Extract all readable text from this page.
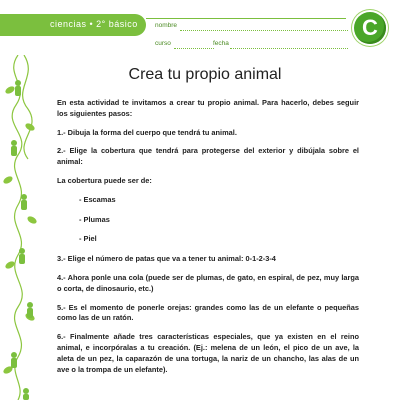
ciencias • 2° básico	nombre
curso	fecha
C
Crea tu propio animal

En esta actividad te invitamos a crear tu propio animal. Para hacerlo, debes seguir los siguientes pasos:

1.- Dibuja la forma del cuerpo que tendrá tu animal.

2.- Elige la cobertura que tendrá para protegerse del exterior y dibújala sobre el animal:

La cobertura puede ser de:

- Escamas

- Plumas

- Piel

3.- Elige el número de patas que va a tener tu animal: 0-1-2-3-4

4.- Ahora ponle una cola (puede ser de plumas, de gato, en espiral, de pez, muy larga o corta, de dinosaurio, etc.)

5.- Es el momento de ponerle orejas: grandes como las de un elefante o pequeñas como las de un ratón.

6.- Finalmente añade tres características especiales, que ya existen en el reino animal, e incorpóralas a tu creación. (Ej.: melena de un león, el pico de un ave, la aleta de un pez, la caparazón de una tortuga, la nariz de un chancho, las alas de un ave o la trompa de un elefante).
